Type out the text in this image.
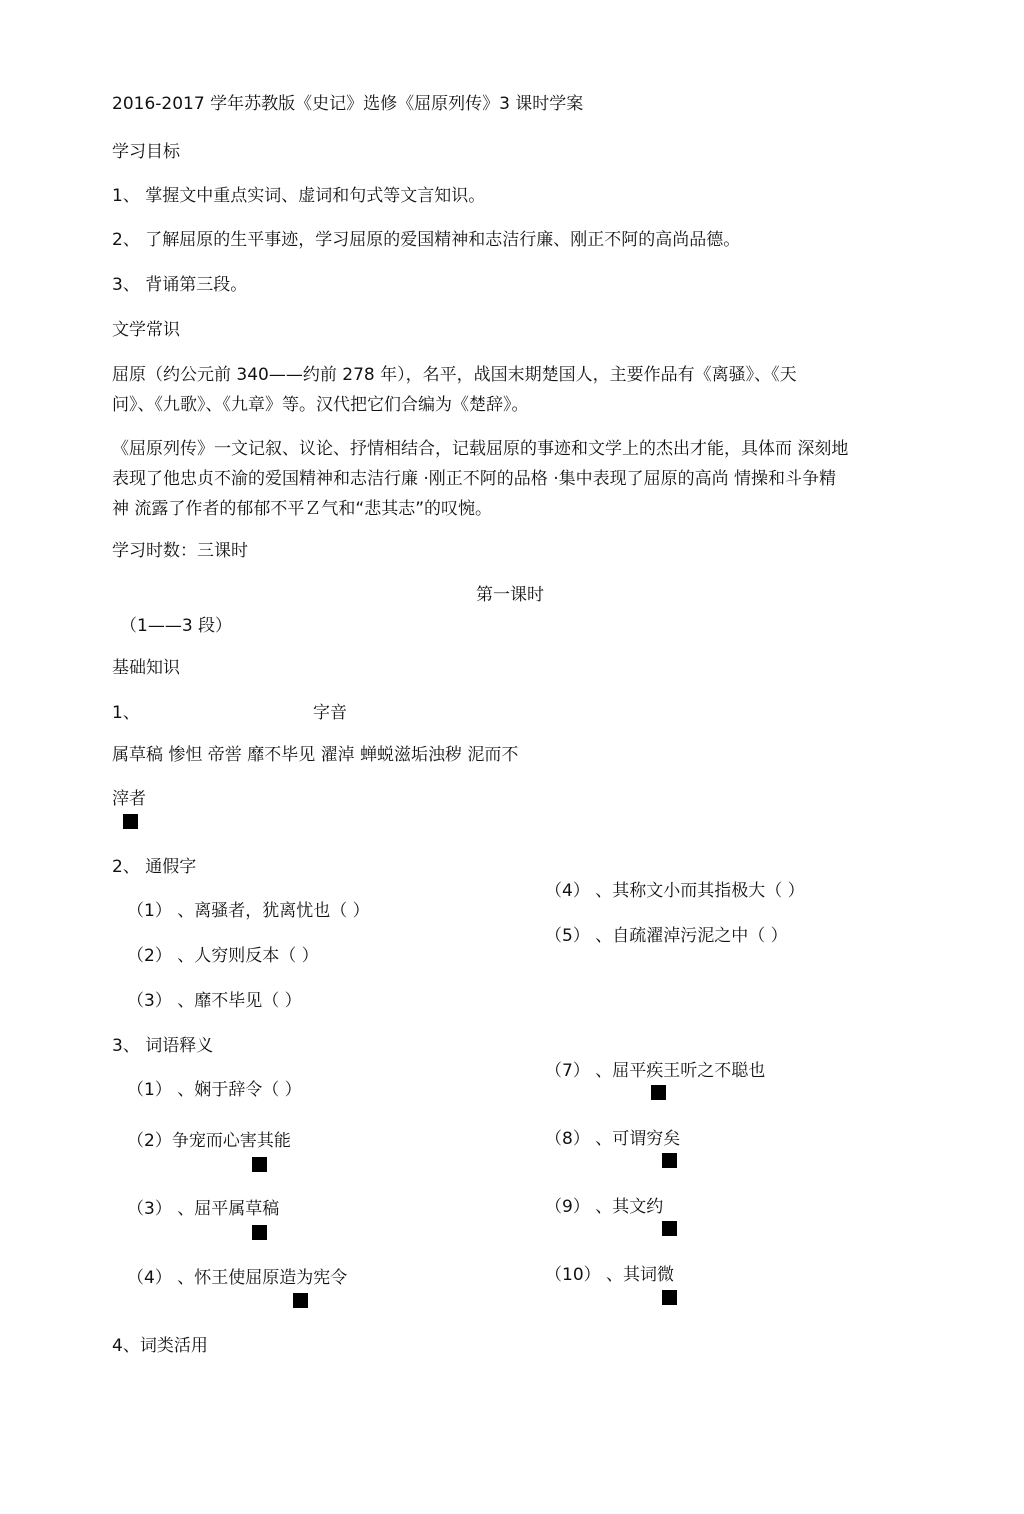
2016-2017 学年苏教版《史记》选修《屈原列传》3 课时学案
学习目标
1、 掌握文中重点实词、虚词和句式等文言知识。
2、 了解屈原的生平事迹，学习屈原的爱国精神和志洁行廉、刚正不阿的高尚品德。
3、 背诵第三段。
文学常识

屈原（约公元前 340——约前 278 年），名平，战国末期楚国人，主要作品有《离骚》、《天

问》、《九歌》、《九章》等。汉代把它们合编为《楚辞》。

《屈原列传》一文记叙、议论、抒情相结合，记载屈原的事迹和文学上的杰出才能，具体而 深刻地

表现了他忠贞不渝的爱国精神和志洁行廉 ·刚正不阿的品格 ·集中表现了屈原的高尚 情操和斗争精

神 流露了作者的郁郁不平Ｚ气和“悲其志”的叹惋。

学习时数：三课时
第一课时
（1——3 段）
基础知识
1、	字音
属草稿 惨怛 帝喾 靡不毕见 濯淖 蝉蜕滋垢浊秽 泥而不
滓者
2、 通假字
（1） 、离骚者，犹离忧也（ ）
（2） 、人穷则反本（ ）
（3） 、靡不毕见（ ）
（4） 、其称文小而其指极大（ ）
（5） 、自疏濯淖污泥之中（ ）
3、 词语释义
（1） 、娴于辞令（ ）
（2）争宠而心害其能
（3） 、屈平属草稿
（4） 、怀王使屈原造为宪令
（7） 、屈平疾王听之不聪也
（8） 、可谓穷矣
（9） 、其文约
（10） 、其词微
4、词类活用
